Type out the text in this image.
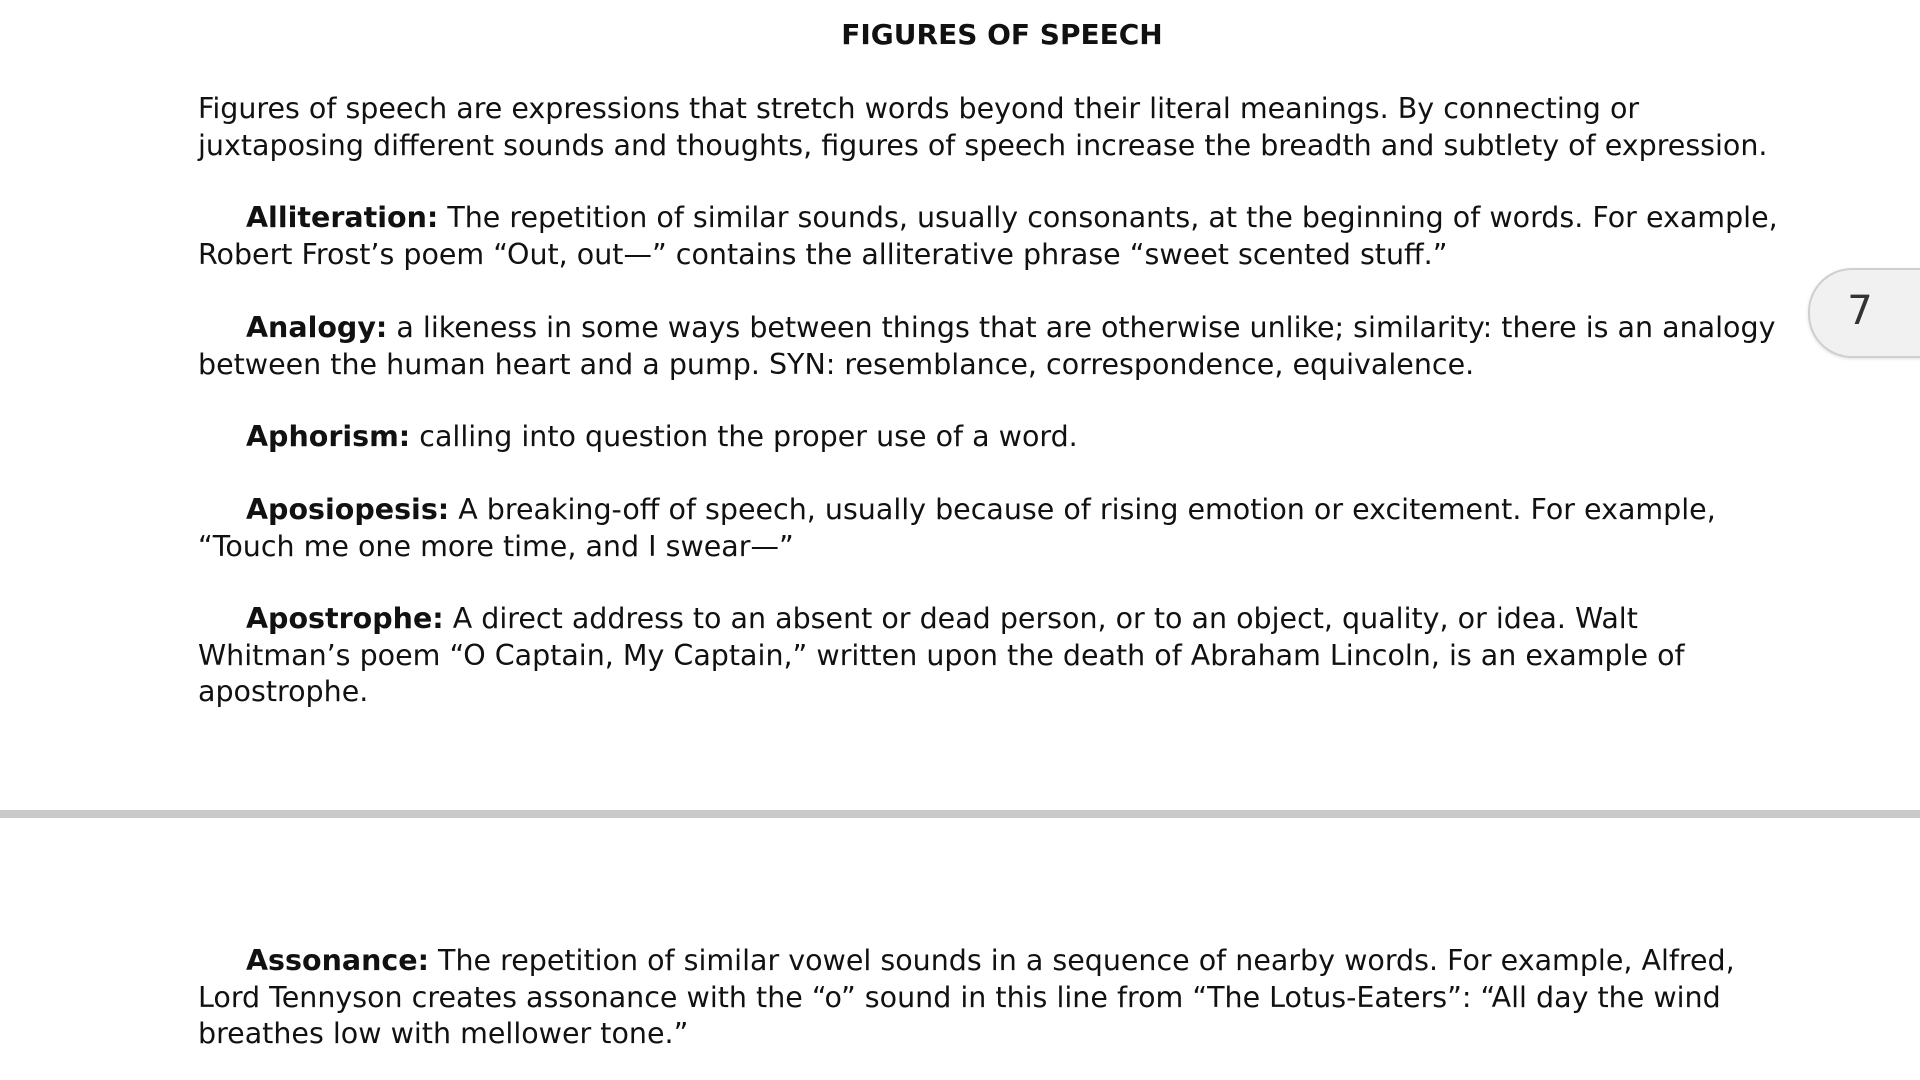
FIGURES OF SPEECH

Figures of speech are expressions that stretch words beyond their literal meanings. By connecting or juxtaposing different sounds and thoughts, figures of speech increase the breadth and subtlety of expression.

Alliteration: The repetition of similar sounds, usually consonants, at the beginning of words. For example, Robert Frost’s poem “Out, out—” contains the alliterative phrase “sweet scented stuff.”

Analogy: a likeness in some ways between things that are otherwise unlike; similarity: there is an analogy between the human heart and a pump. SYN: resemblance, correspondence, equivalence.

Aphorism: calling into question the proper use of a word.

Aposiopesis: A breaking-off of speech, usually because of rising emotion or excitement. For example, “Touch me one more time, and I swear—”

Apostrophe: A direct address to an absent or dead person, or to an object, quality, or idea. Walt Whitman’s poem “O Captain, My Captain,” written upon the death of Abraham Lincoln, is an example of apostrophe.

Assonance: The repetition of similar vowel sounds in a sequence of nearby words. For example, Alfred, Lord Tennyson creates assonance with the “o” sound in this line from “The Lotus-Eaters”: “All day the wind breathes low with mellower tone.”

7
